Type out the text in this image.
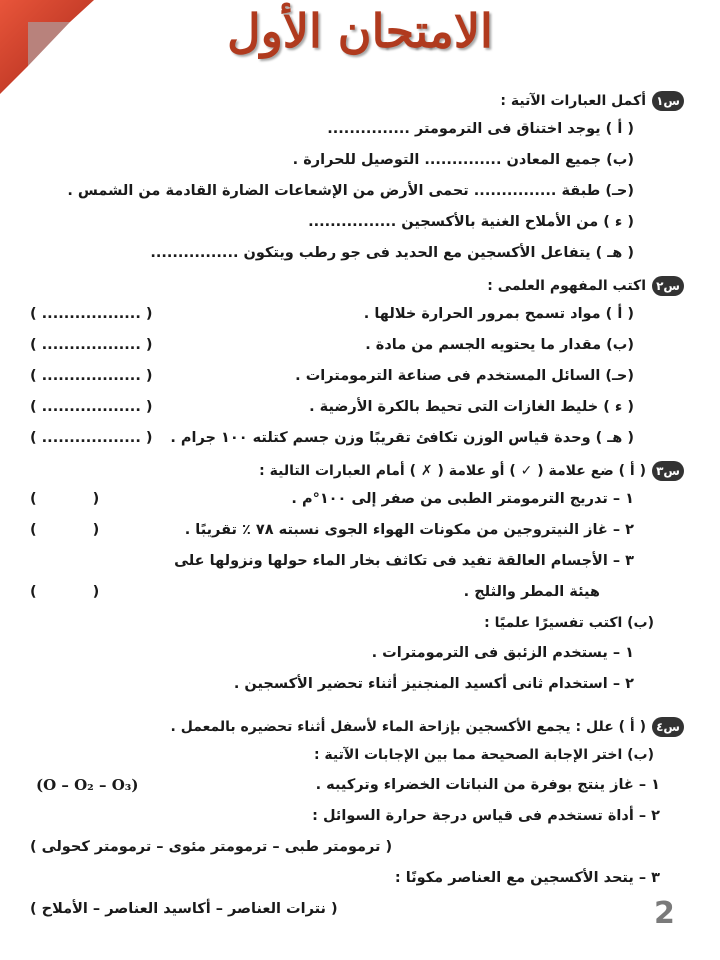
الامتحان الأول
س١
أكمل العبارات الآتية :
( أ ) يوجد اختناق فى الترمومتر ...............
(ب) جميع المعادن .............. التوصيل للحرارة .
(حـ) طبقة ............... تحمى الأرض من الإشعاعات الضارة القادمة من الشمس .
( ء ) من الأملاح الغنية بالأكسجين ................
( هـ ) يتفاعل الأكسجين مع الحديد فى جو رطب ويتكون ................
س٢
اكتب المفهوم العلمى :
( أ ) مواد تسمح بمرور الحرارة خلالها .
( .................. )
(ب) مقدار ما يحتويه الجسم من مادة .
( .................. )
(حـ) السائل المستخدم فى صناعة الترمومترات .
( .................. )
( ء ) خليط الغازات التى تحيط بالكرة الأرضية .
( .................. )
( هـ ) وحدة قياس الوزن تكافئ تقريبًا وزن جسم كتلته ١٠٠ جرام .
( .................. )
س٣
( أ ) ضع علامة ( ✓ ) أو علامة ( ✗ ) أمام العبارات التالية :
١ – تدريج الترمومتر الطبى من صفر إلى ١٠٠°م .
()
٢ – غاز النيتروجين من مكونات الهواء الجوى نسبته ٧٨ ٪ تقريبًا .
()
٣ – الأجسام العالقة تفيد فى تكاثف بخار الماء حولها ونزولها على
هيئة المطر والثلج .
()
(ب) اكتب تفسيرًا علميًا :
١ – يستخدم الزئبق فى الترمومترات .
٢ – استخدام ثانى أكسيد المنجنيز أثناء تحضير الأكسجين .
س٤
( أ ) علل : يجمع الأكسجين بإزاحة الماء لأسفل أثناء تحضيره بالمعمل .
(ب) اختر الإجابة الصحيحة مما بين الإجابات الآتية :
١ – غاز ينتج بوفرة من النباتات الخضراء وتركيبه .
(O – O₂ – O₃)
٢ – أداة تستخدم فى قياس درجة حرارة السوائل :
( ترمومتر طبى – ترمومتر مئوى – ترمومتر كحولى )
٣ – يتحد الأكسجين مع العناصر مكونًا :
( نترات العناصر – أكاسيد العناصر – الأملاح )	2
